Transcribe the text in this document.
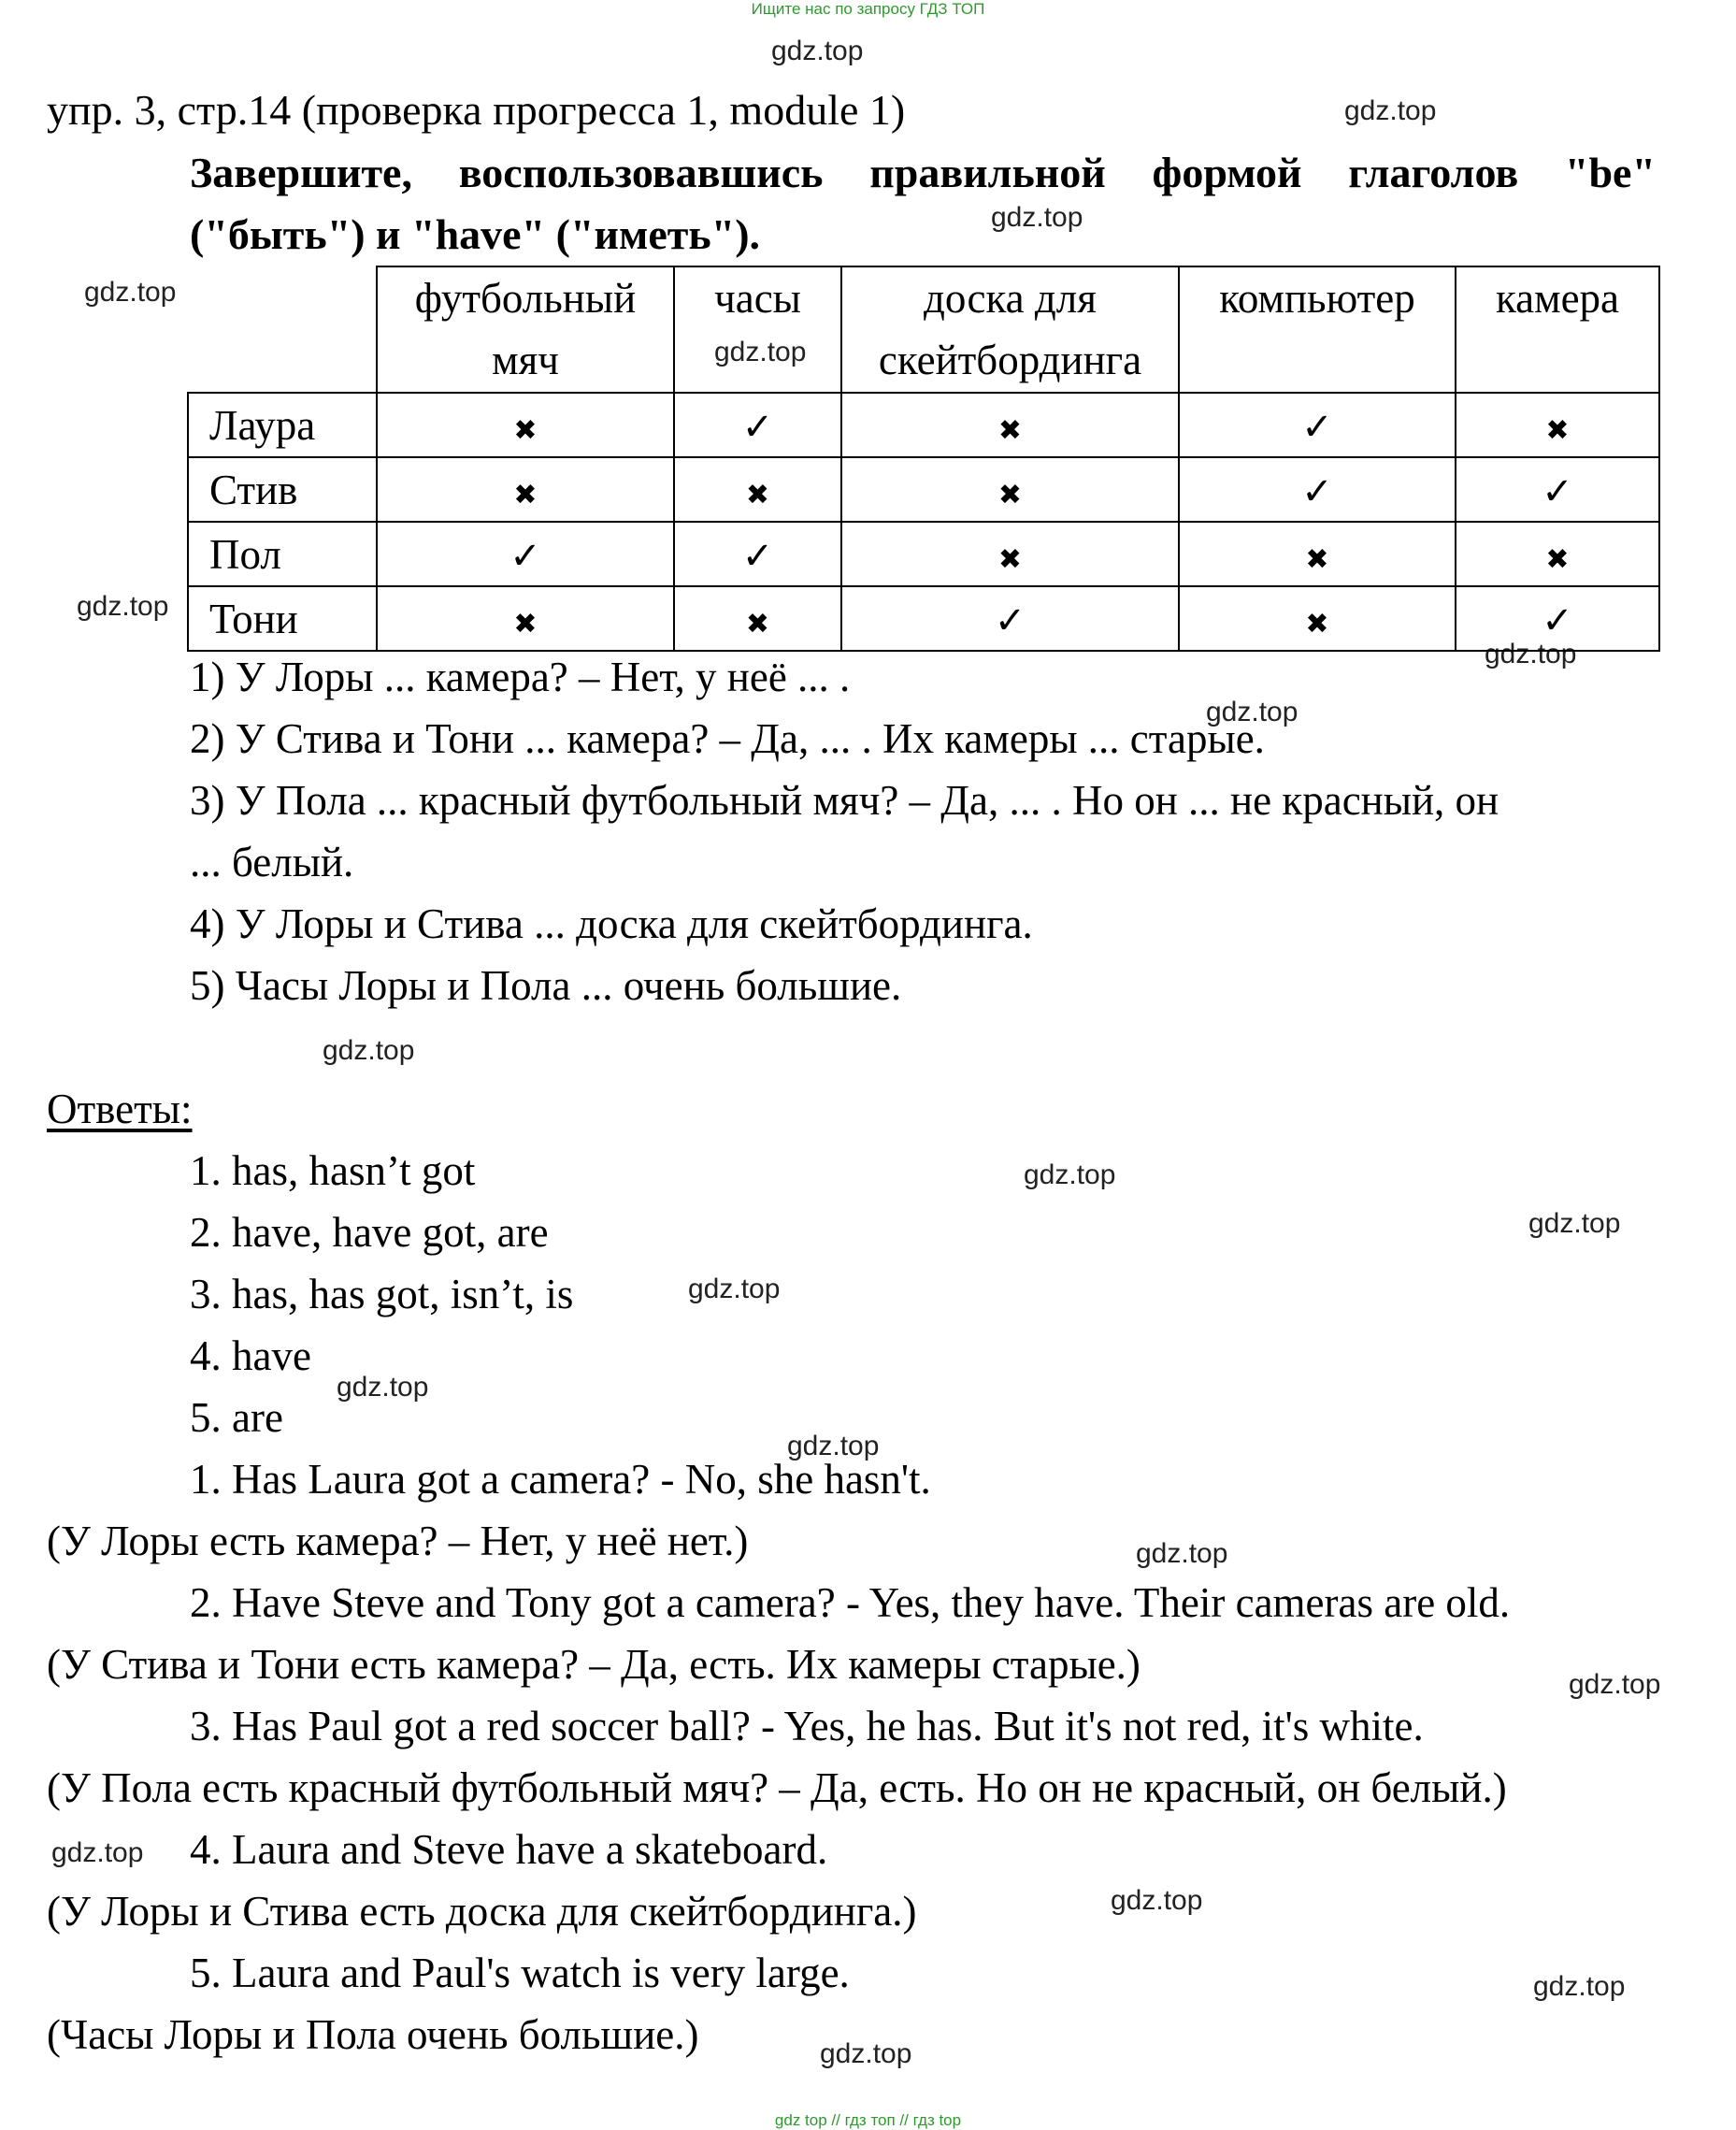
Ищите нас по запросу ГДЗ ТОП
gdz.top
gdz.top
gdz.top
gdz.top
gdz.top
gdz.top
gdz.top
gdz.top
gdz.top
gdz.top
gdz.top
gdz.top
gdz.top
gdz.top
gdz.top
gdz.top
gdz.top
gdz.top
gdz.top
gdz.top
упр. 3, стр.14 (проверка прогресса 1, module 1)
Завершите, воспользовавшись правильной формой глаголов "be" ("быть") и "have" ("иметь").
	футбольный мяч	часы	доска для скейтбординга	компьютер	камера
Лаура	✖	✓	✖	✓	✖
Стив	✖	✖	✖	✓	✓
Пол	✓	✓	✖	✖	✖
Тони	✖	✖	✓	✖	✓
1) У Лоры ... камера? – Нет, у неё ... .
2) У Стива и Тони ... камера? – Да, ... . Их камеры ... старые.
3) У Пола ... красный футбольный мяч? – Да, ... . Но он ... не красный, он
... белый.
4) У Лоры и Стива ... доска для скейтбординга.
5) Часы Лоры и Пола ... очень большие.
Ответы:
1. has, hasn’t got
2. have, have got, are
3. has, has got, isn’t, is
4. have
5. are
1. Has Laura got a camera? - No, she hasn't.
(У Лоры есть камера? – Нет, у неё нет.)
2. Have Steve and Tony got a camera? - Yes, they have. Their cameras are old.
(У Стива и Тони есть камера? – Да, есть. Их камеры старые.)
3. Has Paul got a red soccer ball? - Yes, he has. But it's not red, it's white.
(У Пола есть красный футбольный мяч? – Да, есть. Но он не красный, он белый.)
4. Laura and Steve have a skateboard.
(У Лоры и Стива есть доска для скейтбординга.)
5. Laura and Paul's watch is very large.
(Часы Лоры и Пола очень большие.)
gdz top // гдз топ // гдз top
